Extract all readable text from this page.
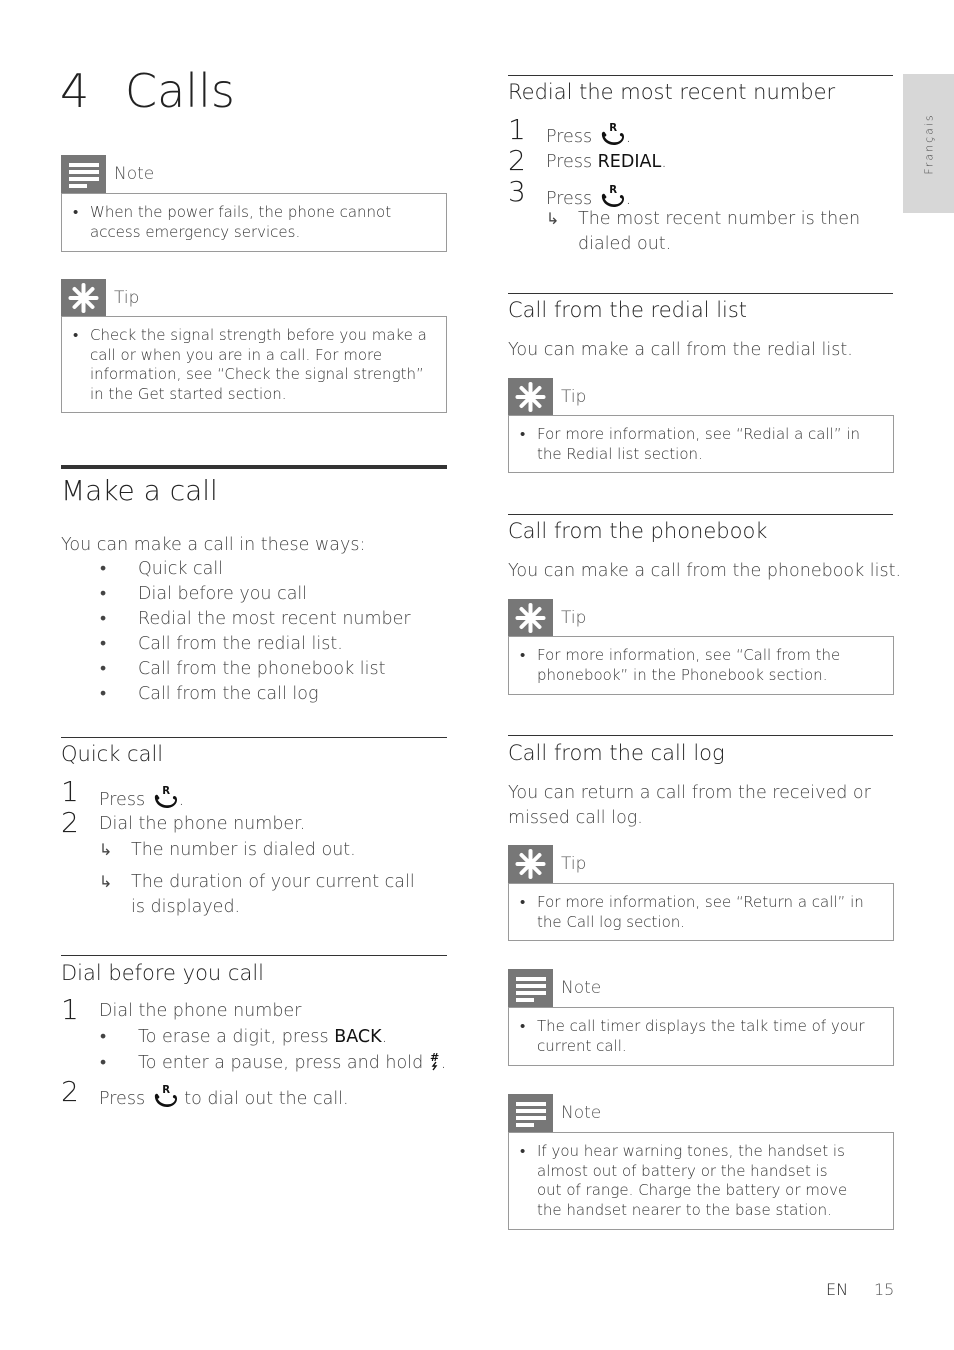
4 Calls
Français
Note
• When the power fails, the phone cannot access emergency services.
Tip
• Check the signal strength before you make a call or when you are in a call. For more information, see “Check the signal strength” in the Get started section.
Make a call
You can make a call in these ways:
• Quick call
• Dial before you call
• Redial the most recent number
• Call from the redial list.
• Call from the phonebook list
• Call from the call log
Quick call
1 Press .
2 Dial the phone number.
↳ The number is dialed out.
↳ The duration of your current call is displayed.
Dial before you call
1 Dial the phone number
• To erase a digit, press BACK.
• To enter a pause, press and hold .
2 Press to dial out the call.
Redial the most recent number
1 Press .
2 Press REDIAL.
3 Press .
↳ The most recent number is then dialed out.
Call from the redial list
You can make a call from the redial list.
Tip
• For more information, see “Redial a call” in the Redial list section.
Call from the phonebook
You can make a call from the phonebook list.
Tip
• For more information, see “Call from the phonebook” in the Phonebook section.
Call from the call log
You can return a call from the received or missed call log.
Tip
• For more information, see “Return a call” in the Call log section.
Note
• The call timer displays the talk time of your current call.
Note
• If you hear warning tones, the handset is almost out of battery or the handset is out of range. Charge the battery or move the handset nearer to the base station.
EN 15
